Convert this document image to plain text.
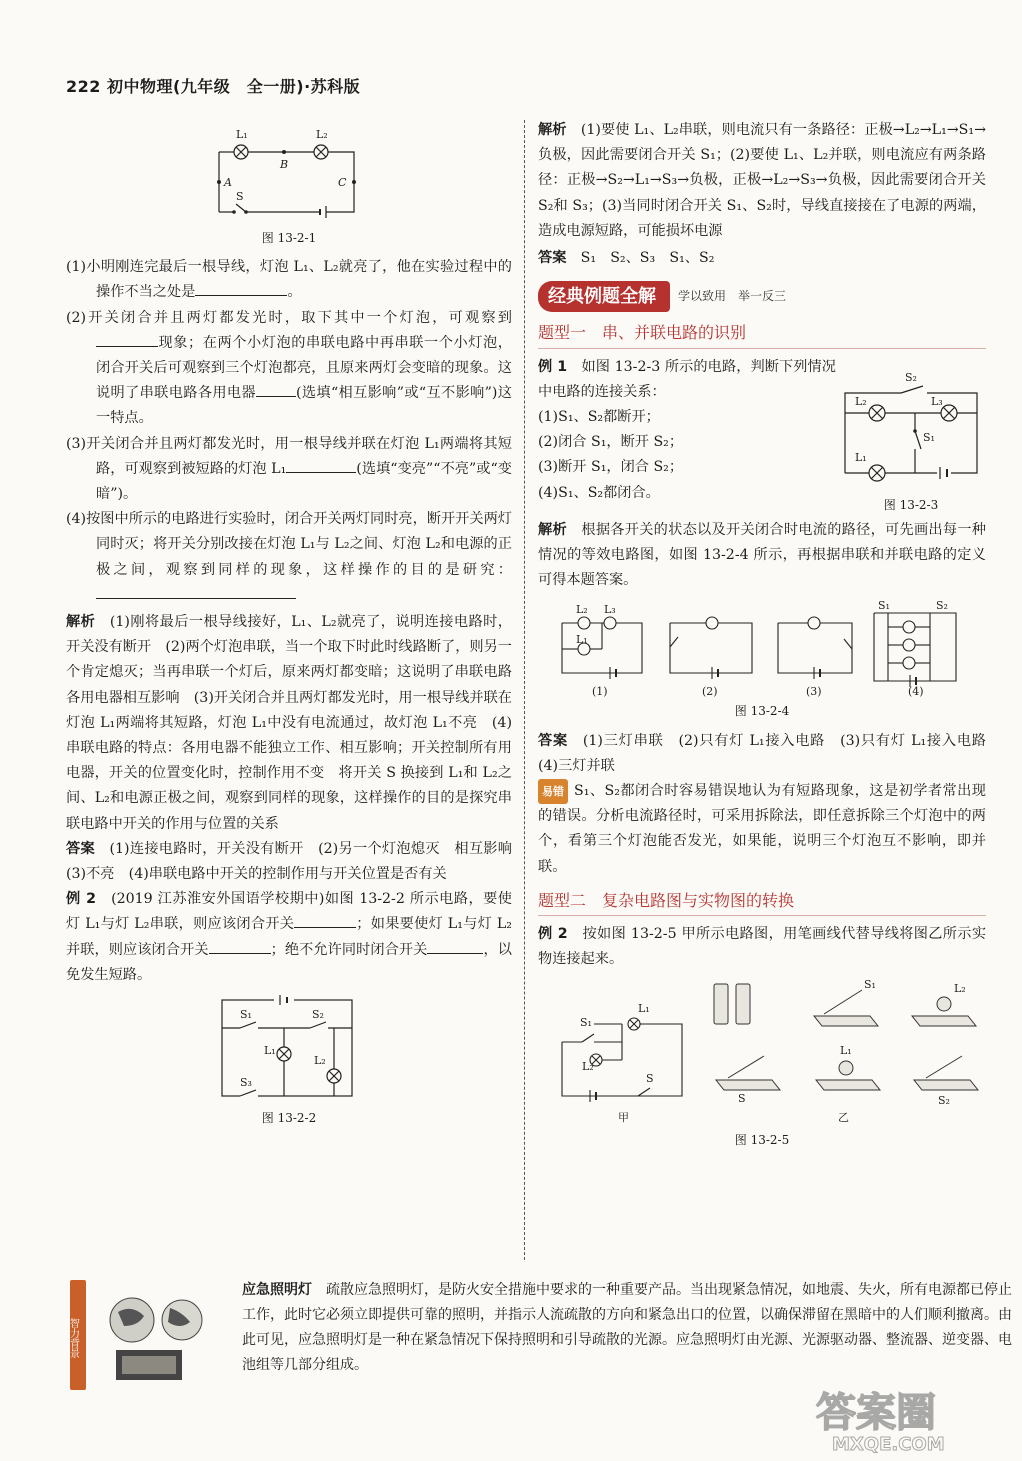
222 初中物理(九年级　全一册)·苏科版
L₁	L₂
A
B
C
S
图 13-2-1

(1)小明刚连完最后一根导线，灯泡 L₁、L₂就亮了，他在实验过程中的操作不当之处是	。

(2)开关闭合并且两灯都发光时，取下其中一个灯泡，可观察到现象；在两个小灯泡的串联电路中再串联一个小灯泡，闭合开关后可观察到三个灯泡都亮，且原来两灯会变暗的现象。这说明了串联电路各用电器	(选填“相互影响”或“互不影响”)这一特点。

(3)开关闭合并且两灯都发光时，用一根导线并联在灯泡 L₁两端将其短路，可观察到被短路的灯泡 L₁	(选填“变亮”“不亮”或“变暗”)。

(4)按图中所示的电路进行实验时，闭合开关两灯同时亮，断开开关两灯同时灭；将开关分别改接在灯泡 L₁与 L₂之间、灯泡 L₂和电源的正极之间，观察到同样的现象，这样操作的目的是研究：

解析　 (1)刚将最后一根导线接好，L₁、L₂就亮了，说明连接电路时，开关没有断开　(2)两个灯泡串联，当一个取下时此时线路断了，则另一个肯定熄灭；当再串联一个灯后，原来两灯都变暗；这说明了串联电路各用电器相互影响　(3)开关闭合并且两灯都发光时，用一根导线并联在灯泡 L₁两端将其短路，灯泡 L₁中没有电流通过，故灯泡 L₁不亮　(4)串联电路的特点：各用电器不能独立工作、相互影响；开关控制所有用电器，开关的位置变化时，控制作用不变　将开关 S 换接到 L₁和 L₂之间、L₂和电源正极之间，观察到同样的现象，这样操作的目的是探究串联电路中开关的作用与位置的关系

答案　 (1)连接电路时，开关没有断开　(2)另一个灯泡熄灭　相互影响　(3)不亮　(4)串联电路中开关的控制作用与开关位置是否有关

例 2　 (2019 江苏淮安外国语学校期中)如图 13-2-2 所示电路，要使灯 L₁与灯 L₂串联，则应该闭合开关	；如果要使灯 L₁与灯 L₂并联，则应该闭合开关	；绝不允许同时闭合开关	，以免发生短路。

S₁	S₂
S₃
L₁
L₂
图 13-2-2

解析　 (1)要使 L₁、L₂串联，则电流只有一条路径：正极→L₂→L₁→S₁→负极，因此需要闭合开关 S₁；(2)要使 L₁、L₂并联，则电流应有两条路径：正极→S₂→L₁→S₃→负极，正极→L₂→S₃→负极，因此需要闭合开关 S₂和 S₃；(3)当同时闭合开关 S₁、S₂时，导线直接接在了电源的两端，造成电源短路，可能损坏电源

答案　 S₁　S₂、S₃　S₁、S₂

经典例题全解	学以致用　举一反三
题型一　串、并联电路的识别

例 1　 如图 13-2-3 所示的电路，判断下列情况中电路的连接关系：

(1)S₁、S₂都断开；

(2)闭合 S₁，断开 S₂；

(3)断开 S₁，闭合 S₂；

(4)S₁、S₂都闭合。

S₂
L₂	L₃
S₁
L₁
图 13-2-3

解析　 根据各开关的状态以及开关闭合时电流的路径，可先画出每一种情况的等效电路图，如图 13-2-4 所示，再根据串联和并联电路的定义可得本题答案。

L₂ L₃
L₁
S₁	S₂
(1)	(2)	(3)	(4)
图 13-2-4

答案　 (1)三灯串联　(2)只有灯 L₁接入电路　(3)只有灯 L₁接入电路　(4)三灯并联

易错 S₁、S₂都闭合时容易错误地认为有短路现象，这是初学者常出现的错误。分析电流路径时，可采用拆除法，即任意拆除三个灯泡中的两个，看第三个灯泡能否发光，如果能，说明三个灯泡互不影响，即并联。

题型二　复杂电路图与实物图的转换

例 2　 按如图 13-2-5 甲所示电路图，用笔画线代替导线将图乙所示实物连接起来。

S₁
L₁
L₂
S
甲
S₁	L₂
S
L₁
S₂
乙
图 13-2-5
智力背景
应急照明灯　 疏散应急照明灯，是防火安全措施中要求的一种重要产品。当出现紧急情况，如地震、失火，所有电源都已停止工作，此时它必须立即提供可靠的照明，并指示人流疏散的方向和紧急出口的位置，以确保滞留在黑暗中的人们顺利撤离。由此可见，应急照明灯是一种在紧急情况下保持照明和引导疏散的光源。应急照明灯由光源、光源驱动器、整流器、逆变器、电池组等几部分组成。
答案圈
MXQE.COM
